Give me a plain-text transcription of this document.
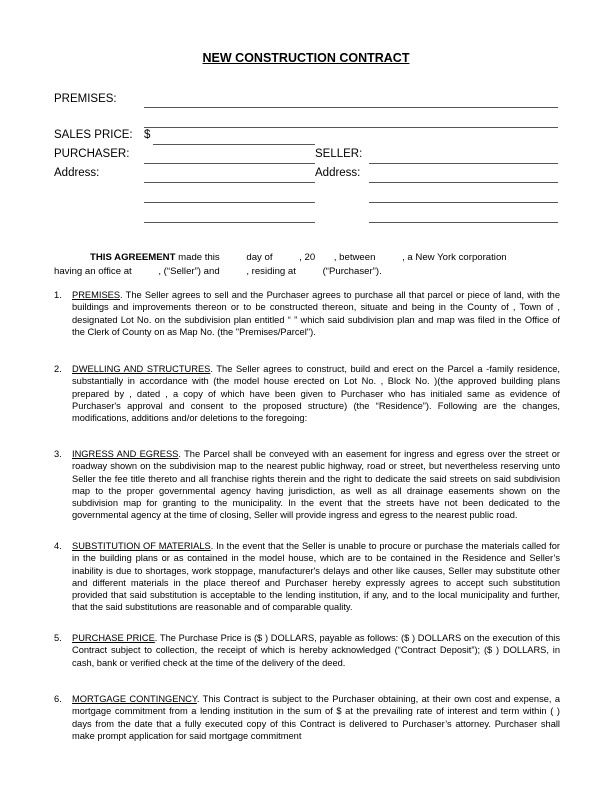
NEW CONSTRUCTION CONTRACT
PREMISES:
SALES PRICE: $
PURCHASER:	SELLER:
Address:	Address:
THIS AGREEMENT made this          day of          , 20       , between          , a New York corporation
having an office at          , (“Seller”) and          , residing at          (“Purchaser”).
1.	PREMISES. The Seller agrees to sell and the Purchaser agrees to purchase all that parcel or piece of land, with the buildings and improvements thereon or to be constructed thereon, situate and being in the County of , Town of , designated Lot No. on the subdivision plan entitled “ ” which said subdivision plan and map was filed in the Office of the Clerk of County on as Map No. (the "Premises/Parcel").
2.	DWELLING AND STRUCTURES. The Seller agrees to construct, build and erect on the Parcel a -family residence, substantially in accordance with (the model house erected on Lot No. , Block No. )(the approved building plans prepared by , dated , a copy of which have been given to Purchaser who has initialed same as evidence of Purchaser's approval and consent to the proposed structure) (the “Residence”). Following are the changes, modifications, additions and/or deletions to the foregoing:
3.	INGRESS AND EGRESS. The Parcel shall be conveyed with an easement for ingress and egress over the street or roadway shown on the subdivision map to the nearest public highway, road or street, but nevertheless reserving unto Seller the fee title thereto and all franchise rights therein and the right to dedicate the said streets on said subdivision map to the proper governmental agency having jurisdiction, as well as all drainage easements shown on the subdivision map for granting to the municipality. In the event that the streets have not been dedicated to the governmental agency at the time of closing, Seller will provide ingress and egress to the nearest public road.
4.	SUBSTITUTION OF MATERIALS. In the event that the Seller is unable to procure or purchase the materials called for in the building plans or as contained in the model house, which are to be contained in the Residence and Seller’s inability is due to shortages, work stoppage, manufacturer's delays and other like causes, Seller may substitute other and different materials in the place thereof and Purchaser hereby expressly agrees to accept such substitution provided that said substitution is acceptable to the lending institution, if any, and to the local municipality and further, that the said substitutions are reasonable and of comparable quality.
5.	PURCHASE PRICE. The Purchase Price is ($ ) DOLLARS, payable as follows: ($ ) DOLLARS on the execution of this Contract subject to collection, the receipt of which is hereby acknowledged (“Contract Deposit”); ($ ) DOLLARS, in cash, bank or verified check at the time of the delivery of the deed.
6.	MORTGAGE CONTINGENCY. This Contract is subject to the Purchaser obtaining, at their own cost and expense, a mortgage commitment from a lending institution in the sum of $ at the prevailing rate of interest and term within ( ) days from the date that a fully executed copy of this Contract is delivered to Purchaser’s attorney. Purchaser shall make prompt application for said mortgage commitment
